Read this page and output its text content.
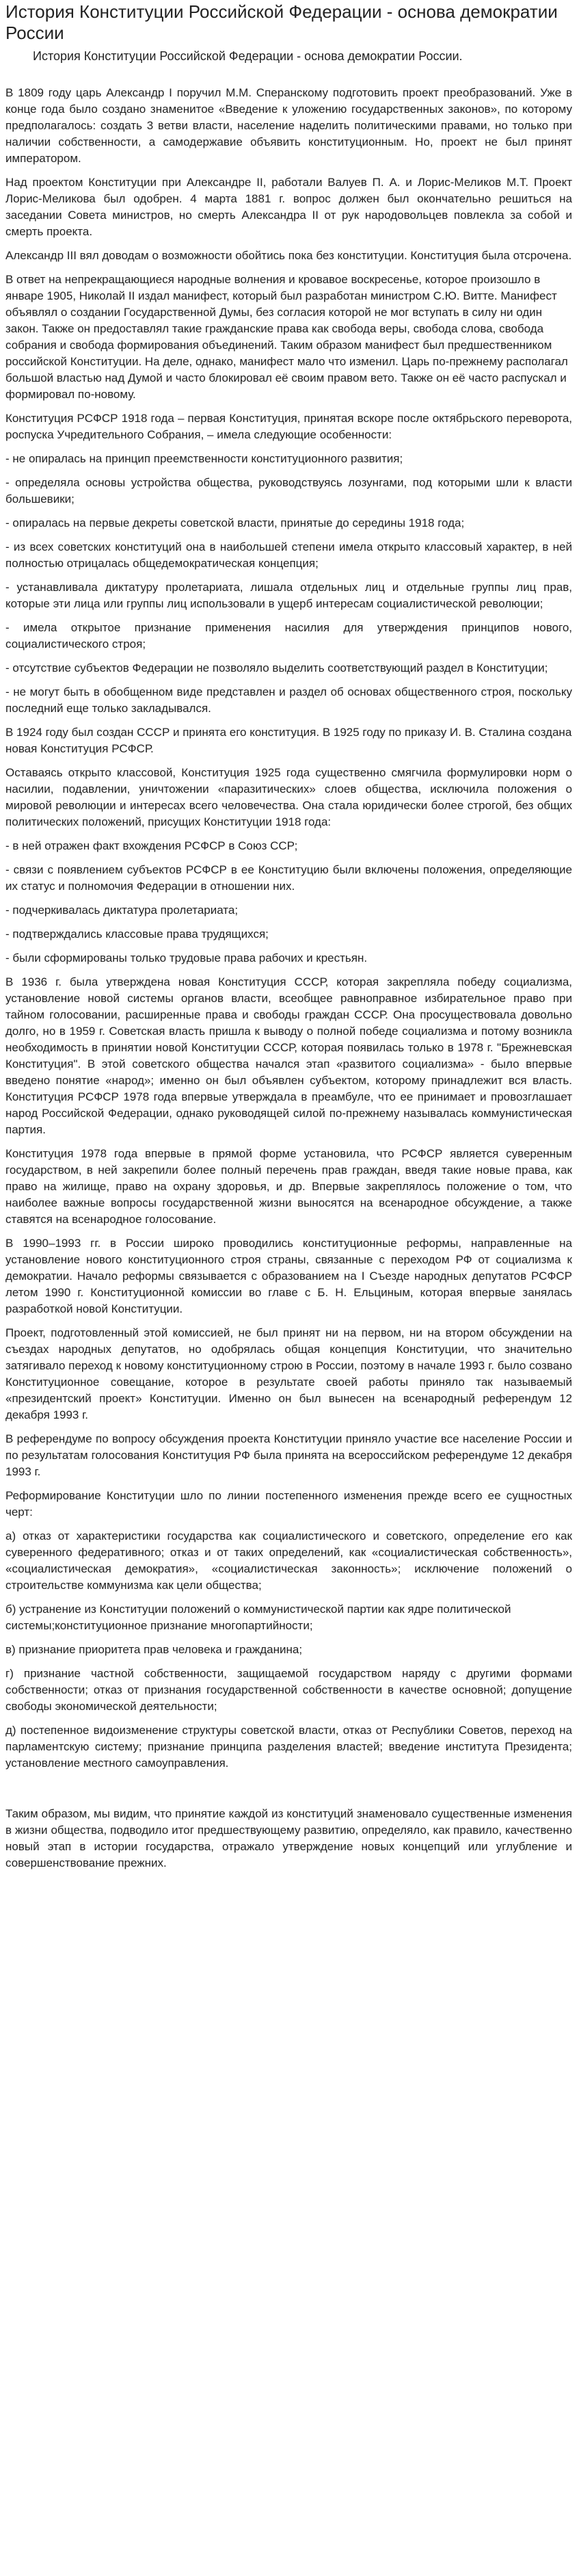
История Конституции Российской Федерации - основа демократии России
История Конституции Российской Федерации - основа демократии России.

В 1809 году царь Александр I поручил М.М. Сперанскому подготовить проект преобразований. Уже в конце года было создано знаменитое «Введение к уложению государственных законов», по которому предполагалось: создать 3 ветви власти, население наделить политическими правами, но только при наличии собственности, а самодержавие объявить конституционным. Но, проект не был принят императором.

Над проектом Конституции при Александре II, работали Валуев П. А. и Лорис-Меликов М.Т. Проект Лорис-Меликова был одобрен. 4 марта 1881 г. вопрос должен был окончательно решиться на заседании Совета министров, но смерть Александра II от рук народовольцев повлекла за собой и смерть проекта.

Александр III вял доводам о возможности обойтись пока без конституции. Конституция была отсрочена.

В ответ на непрекращающиеся народные волнения и кровавое воскресенье, которое произошло в январе 1905, Николай II издал манифест, который был разработан министром С.Ю. Витте. Манифест объявлял о создании Государственной Думы, без согласия которой не мог вступать в силу ни один закон. Также он предоставлял такие гражданские права как свобода веры, свобода слова, свобода собрания и свобода формирования объединений. Таким образом манифест был предшественником российской Конституции. На деле, однако, манифест мало что изменил. Царь по-прежнему располагал большой властью над Думой и часто блокировал её своим правом вето. Также он её часто распускал и формировал по-новому.

Конституция РСФСР 1918 года – первая Конституция, принятая вскоре после октябрьского переворота, роспуска Учредительного Собрания, – имела следующие особенности:

- не опиралась на принцип преемственности конституционного развития;

- определяла основы устройства общества, руководствуясь лозунгами, под которыми шли к власти большевики;

- опиралась на первые декреты советской власти, принятые до середины 1918 года;

- из всех советских конституций она в наибольшей степени имела открыто классовый характер, в ней полностью отрицалась общедемократическая концепция;

- устанавливала диктатуру пролетариата, лишала отдельных лиц и отдельные группы лиц прав, которые эти лица или группы лиц использовали в ущерб интересам социалистической революции;

- имела открытое признание применения насилия для утверждения принципов нового, социалистического строя;

- отсутствие субъектов Федерации не позволяло выделить соответствующий раздел в Конституции;

- не могут быть в обобщенном виде представлен и раздел об основах общественного строя, поскольку последний еще только закладывался.

В 1924 году был создан СССР и принята его конституция. В 1925 году по приказу И. В. Сталина создана новая Конституция РСФСР.

Оставаясь открыто классовой, Конституция 1925 года существенно смягчила формулировки норм о насилии, подавлении, уничтожении «паразитических» слоев общества, исключила положения о мировой революции и интересах всего человечества. Она стала юридически более строгой, без общих политических положений, присущих Конституции 1918 года:

- в ней отражен факт вхождения РСФСР в Союз ССР;

- связи с появлением субъектов РСФСР в ее Конституцию были включены положения, определяющие их статус и полномочия Федерации в отношении них.

- подчеркивалась диктатура пролетариата;

- подтверждались классовые права трудящихся;

- были сформированы только трудовые права рабочих и крестьян.

В 1936 г. была утверждена новая Конституция СССР, которая закрепляла победу социализма, установление новой системы органов власти, всеобщее равноправное избирательное право при тайном голосовании, расширенные права и свободы граждан СССР. Она просуществовала довольно долго, но в 1959 г. Советская власть пришла к выводу о полной победе социализма и потому возникла необходимость в принятии новой Конституции СССР, которая появилась только в 1978 г. "Брежневская Конституция". В этой советского общества начался этап «развитого социализма» - было впервые введено понятие «народ»; именно он был объявлен субъектом, которому принадлежит вся власть. Конституция РСФСР 1978 года впервые утверждала в преамбуле, что ее принимает и провозглашает народ Российской Федерации, однако руководящей силой по-прежнему называлась коммунистическая партия.

Конституция 1978 года впервые в прямой форме установила, что РСФСР является суверенным государством, в ней закрепили более полный перечень прав граждан, введя такие новые права, как право на жилище, право на охрану здоровья, и др. Впервые закреплялось положение о том, что наиболее важные вопросы государственной жизни выносятся на всенародное обсуждение, а также ставятся на всенародное голосование.

В 1990–1993 гг. в России широко проводились конституционные реформы, направленные на установление нового конституционного строя страны, связанные с переходом РФ от социализма к демократии. Начало реформы связывается с образованием на I Съезде народных депутатов РСФСР летом 1990 г. Конституционной комиссии во главе с Б. Н. Ельциным, которая впервые занялась разработкой новой Конституции.

Проект, подготовленный этой комиссией, не был принят ни на первом, ни на втором обсуждении на съездах народных депутатов, но одобрялась общая концепция Конституции, что значительно затягивало переход к новому конституционному строю в России, поэтому в начале 1993 г. было созвано Конституционное совещание, которое в результате своей работы приняло так называемый «президентский проект» Конституции. Именно он был вынесен на всенародный референдум 12 декабря 1993 г.

В референдуме по вопросу обсуждения проекта Конституции приняло участие все население России и по результатам голосования Конституция РФ была принята на всероссийском референдуме 12 декабря 1993 г.

Реформирование Конституции шло по линии постепенного изменения прежде всего ее сущностных черт:

а) отказ от характеристики государства как социалистического и советского, определение его как суверенного федеративного; отказ и от таких определений, как «социалистическая собственность», «социалистическая демократия», «социалистическая законность»; исключение положений о строительстве коммунизма как цели общества;

б) устранение из Конституции положений о коммунистической партии как ядре политической системы;конституционное признание многопартийности;

в) признание приоритета прав человека и гражданина;

г) признание частной собственности, защищаемой государством наряду с другими формами собственности; отказ от признания государственной собственности в качестве основной; допущение свободы экономической деятельности;

д) постепенное видоизменение структуры советской власти, отказ от Республики Советов, переход на парламентскую систему; признание принципа разделения властей; введение института Президента; установление местного самоуправления.

Таким образом, мы видим, что принятие каждой из конституций знаменовало существенные изменения в жизни общества, подводило итог предшествующему развитию, определяло, как правило, качественно новый этап в истории государства, отражало утверждение новых концепций или углубление и совершенствование прежних.
